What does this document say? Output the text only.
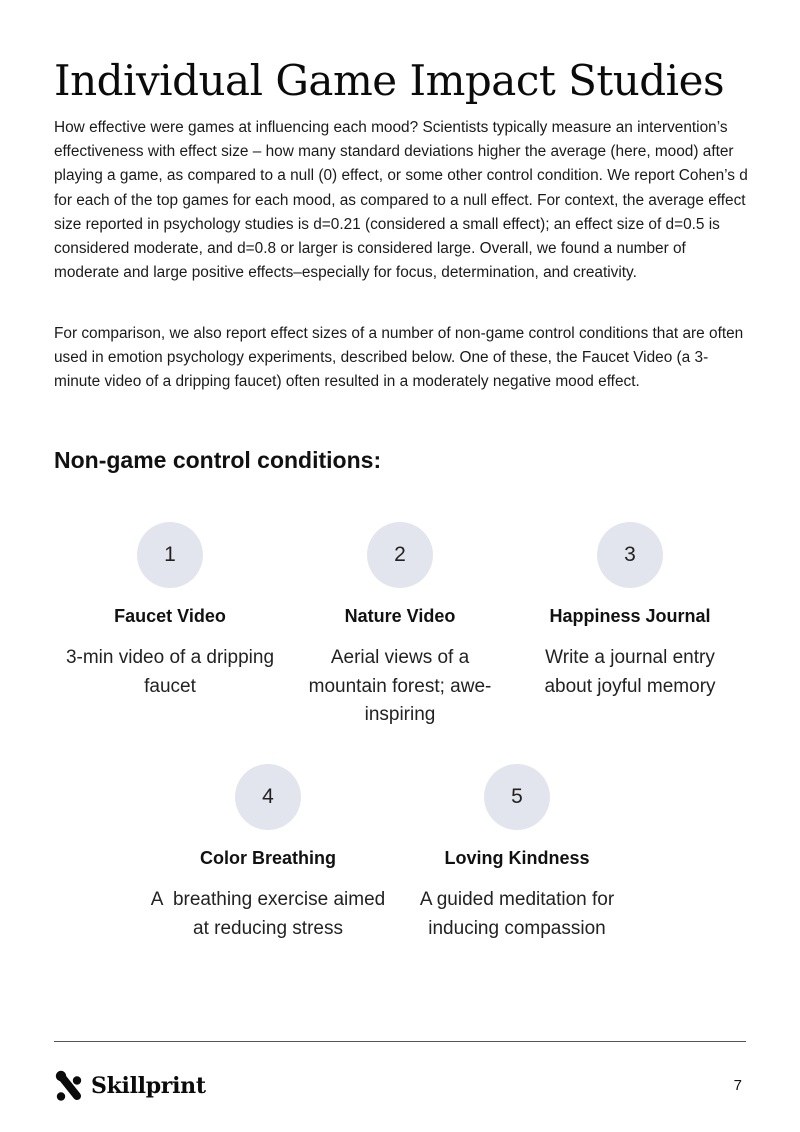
Individual Game Impact Studies

How effective were games at influencing each mood? Scientists typically measure an intervention’s effectiveness with effect size – how many standard deviations higher the average (here, mood) after playing a game, as compared to a null (0) effect, or some other control condition. We report Cohen’s d for each of the top games for each mood, as compared to a null effect. For context, the average effect size reported in psychology studies is d=0.21 (considered a small effect); an effect size of d=0.5 is considered moderate, and d=0.8 or larger is considered large. Overall, we found a number of moderate and large positive effects–especially for focus, determination, and creativity.

For comparison, we also report effect sizes of a number of non-game control conditions that are often used in emotion psychology experiments, described below. One of these, the Faucet Video (a 3-minute video of a dripping faucet) often resulted in a moderately negative mood effect.

Non-game control conditions:
1
Faucet Video
3-min video of a dripping faucet
2
Nature Video
Aerial views of a mountain forest; awe-inspiring
3
Happiness Journal
Write a journal entry about joyful memory
4
Color Breathing
A  breathing exercise aimed at reducing stress
5
Loving Kindness
A guided meditation for inducing compassion
Skillprint	7
